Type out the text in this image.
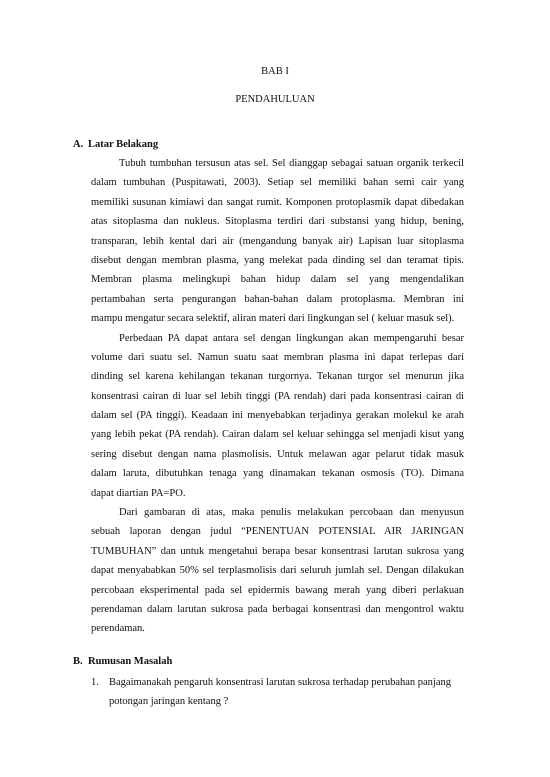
BAB I
PENDAHULUAN
A. Latar Belakang
Tubuh tumbuhan tersusun atas sel. Sel dianggap sebagai satuan organik terkecil
dalam tumbuhan (Puspitawati, 2003). Setiap sel memiliki bahan semi cair yang
memiliki susunan kimiawi dan sangat rumit. Komponen protoplasmik dapat dibedakan
atas sitoplasma dan nukleus. Sitoplasma terdiri dari substansi yang hidup, bening,
transparan, lebih kental dari air (mengandung banyak air) Lapisan luar sitoplasma
disebut dengan membran plasma, yang melekat pada dinding sel dan teramat tipis.
Membran plasma melingkupi bahan hidup dalam sel yang mengendalikan
pertambahan serta pengurangan bahan-bahan dalam protoplasma. Membran ini
mampu mengatur secara selektif, aliran materi dari lingkungan sel ( keluar masuk sel).
Perbedaan PA dapat antara sel dengan lingkungan akan mempengaruhi besar
volume dari suatu sel. Namun suatu saat membran plasma ini dapat terlepas dari
dinding sel karena kehilangan tekanan turgornya. Tekanan turgor sel menurun jika
konsentrasi cairan di luar sel lebih tinggi (PA rendah) dari pada konsentrasi cairan di
dalam sel (PA tinggi). Keadaan ini menyebabkan terjadinya gerakan molekul ke arah
yang lebih pekat (PA rendah). Cairan dalam sel keluar sehingga sel menjadi kisut yang
sering disebut dengan nama plasmolisis. Untuk melawan agar pelarut tidak masuk
dalam laruta, dibutuhkan tenaga yang dinamakan tekanan osmosis (TO). Dimana
dapat diartian PA=PO.
Dari gambaran di atas, maka penulis melakukan percobaan dan menyusun
sebuah laporan dengan judul “PENENTUAN POTENSIAL AIR JARINGAN
TUMBUHAN” dan untuk mengetahui berapa besar konsentrasi larutan sukrosa yang
dapat menyababkan 50% sel terplasmolisis dari seluruh jumlah sel. Dengan dilakukan
percobaan eksperimental pada sel epidermis bawang merah yang diberi perlakuan
perendaman dalam larutan sukrosa pada berbagai konsentrasi dan mengontrol waktu
perendaman.
B. Rumusan Masalah
1. Bagaimanakah pengaruh konsentrasi larutan sukrosa terhadap perubahan panjang
potongan jaringan kentang ?
